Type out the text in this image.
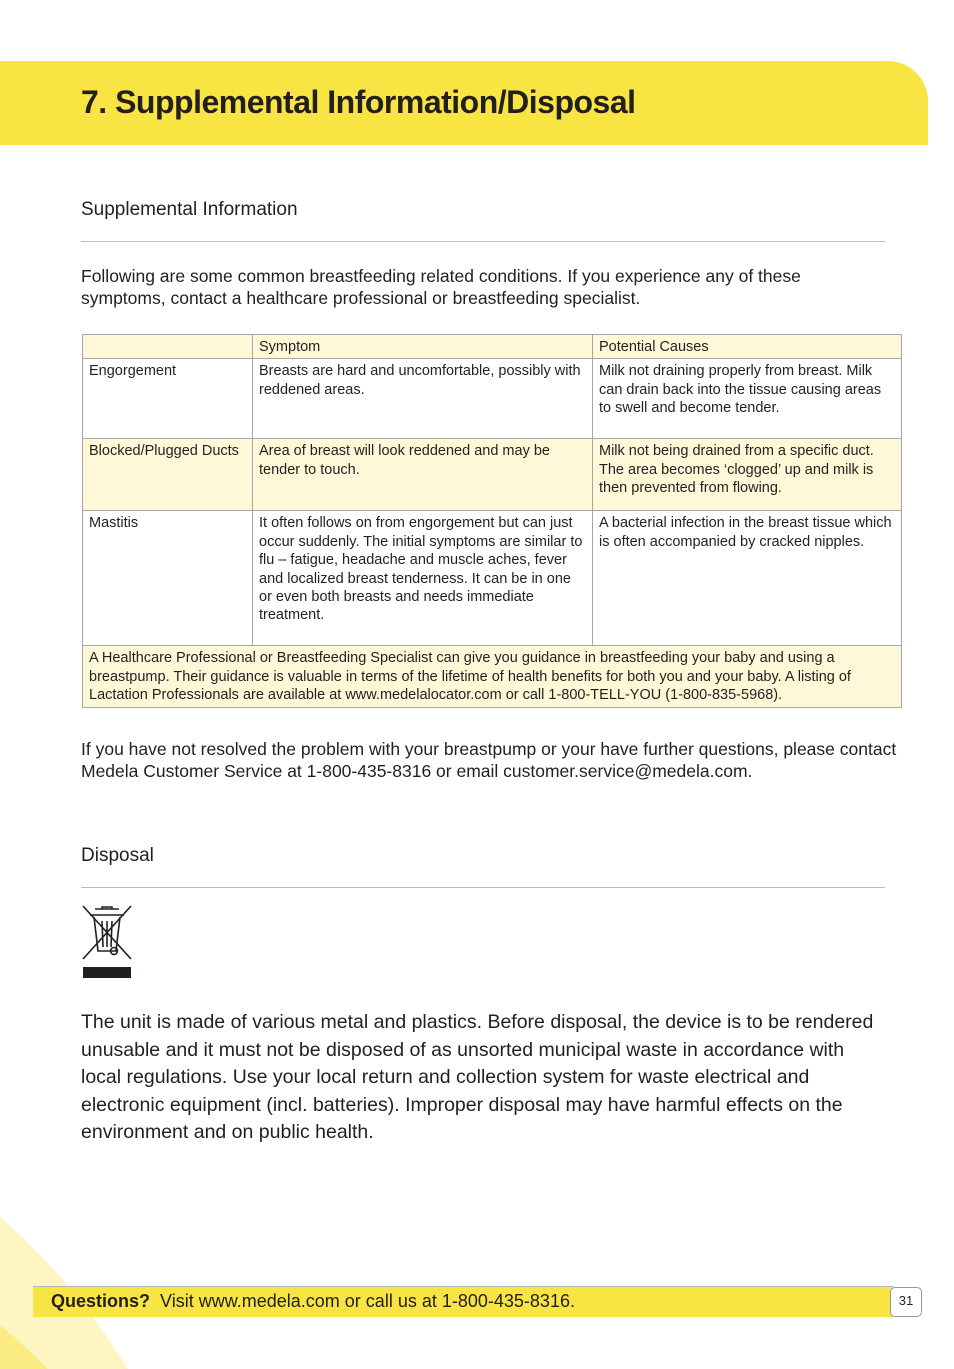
7. Supplemental Information/Disposal
Supplemental Information

Following are some common breastfeeding related conditions. If you experience any of these symptoms, contact a healthcare professional or breastfeeding specialist.

	Symptom	Potential Causes
Engorgement	Breasts are hard and uncomfortable, possibly with reddened areas.	Milk not draining properly from breast. Milk can drain back into the tissue causing areas to swell and become tender.
Blocked/Plugged Ducts	Area of breast will look reddened and may be tender to touch.	Milk not being drained from a specific duct. The area becomes ‘clogged’ up and milk is then prevented from flowing.
Mastitis	It often follows on from engorgement but can just occur suddenly. The initial symptoms are similar to flu – fatigue, headache and muscle aches, fever and localized breast tenderness. It can be in one or even both breasts and needs immediate treatment.	A bacterial infection in the breast tissue which is often accompanied by cracked nipples.
A Healthcare Professional or Breastfeeding Specialist can give you guidance in breastfeeding your baby and using a breastpump. Their guidance is valuable in terms of the lifetime of health benefits for both you and your baby. A listing of Lactation Professionals are available at www.medelalocator.com or call 1-800-TELL-YOU (1-800-835-5968).		

If you have not resolved the problem with your breastpump or your have further questions, please contact Medela Customer Service at 1-800-435-8316 or email customer.service@medela.com.

Disposal

The unit is made of various metal and plastics. Before disposal, the device is to be rendered unusable and it must not be disposed of as unsorted municipal waste in accordance with local regulations. Use your local return and collection system for waste electrical and electronic equipment (incl. batteries). Improper disposal may have harmful effects on the environment and on public health.

Questions? Visit www.medela.com or call us at 1-800-435-8316.	31
